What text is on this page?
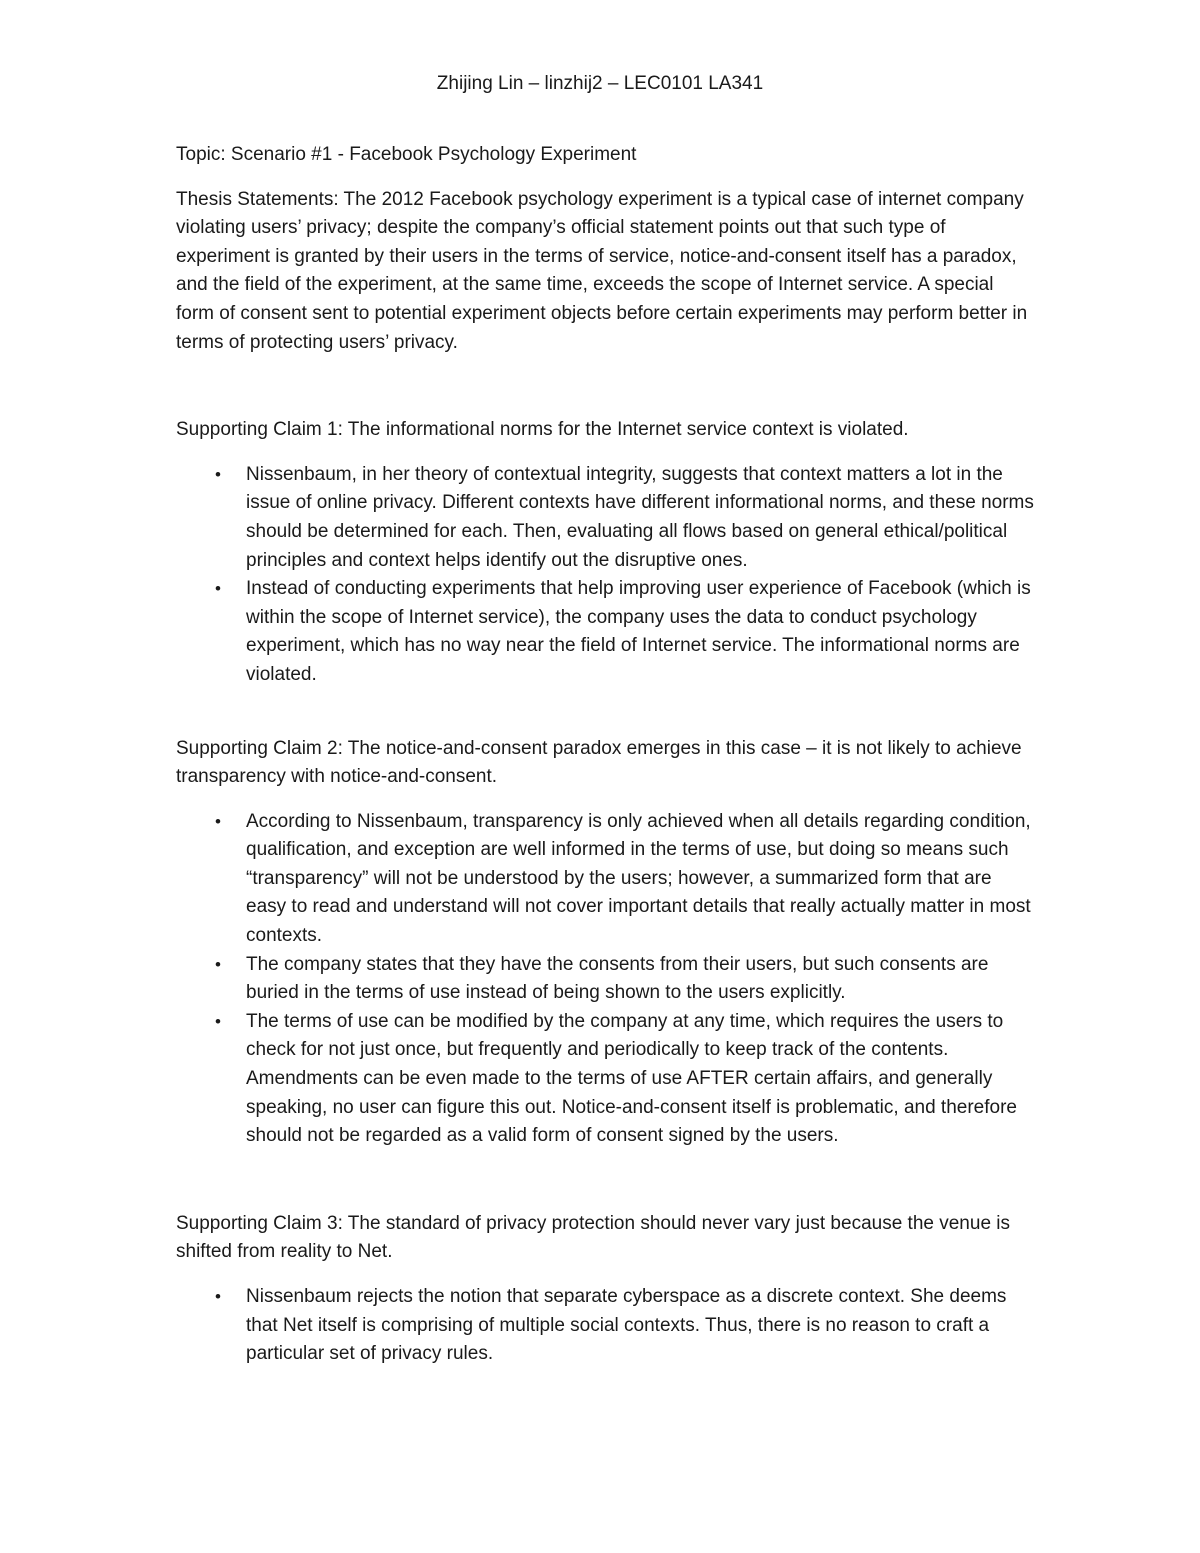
Zhijing Lin – linzhij2 – LEC0101 LA341

Topic: Scenario #1 - Facebook Psychology Experiment

Thesis Statements: The 2012 Facebook psychology experiment is a typical case of internet company violating users’ privacy; despite the company’s official statement points out that such type of experiment is granted by their users in the terms of service, notice-and-consent itself has a paradox, and the field of the experiment, at the same time, exceeds the scope of Internet service. A special form of consent sent to potential experiment objects before certain experiments may perform better in terms of protecting users’ privacy.

Supporting Claim 1: The informational norms for the Internet service context is violated.

• Nissenbaum, in her theory of contextual integrity, suggests that context matters a lot in the issue of online privacy. Different contexts have different informational norms, and these norms should be determined for each. Then, evaluating all flows based on general ethical/political principles and context helps identify out the disruptive ones.
• Instead of conducting experiments that help improving user experience of Facebook (which is within the scope of Internet service), the company uses the data to conduct psychology experiment, which has no way near the field of Internet service. The informational norms are violated.

Supporting Claim 2: The notice-and-consent paradox emerges in this case – it is not likely to achieve transparency with notice-and-consent.

• According to Nissenbaum, transparency is only achieved when all details regarding condition, qualification, and exception are well informed in the terms of use, but doing so means such “transparency” will not be understood by the users; however, a summarized form that are easy to read and understand will not cover important details that really actually matter in most contexts.
• The company states that they have the consents from their users, but such consents are buried in the terms of use instead of being shown to the users explicitly.
• The terms of use can be modified by the company at any time, which requires the users to check for not just once, but frequently and periodically to keep track of the contents. Amendments can be even made to the terms of use AFTER certain affairs, and generally speaking, no user can figure this out. Notice-and-consent itself is problematic, and therefore should not be regarded as a valid form of consent signed by the users.

Supporting Claim 3: The standard of privacy protection should never vary just because the venue is shifted from reality to Net.

• Nissenbaum rejects the notion that separate cyberspace as a discrete context. She deems that Net itself is comprising of multiple social contexts. Thus, there is no reason to craft a particular set of privacy rules.
